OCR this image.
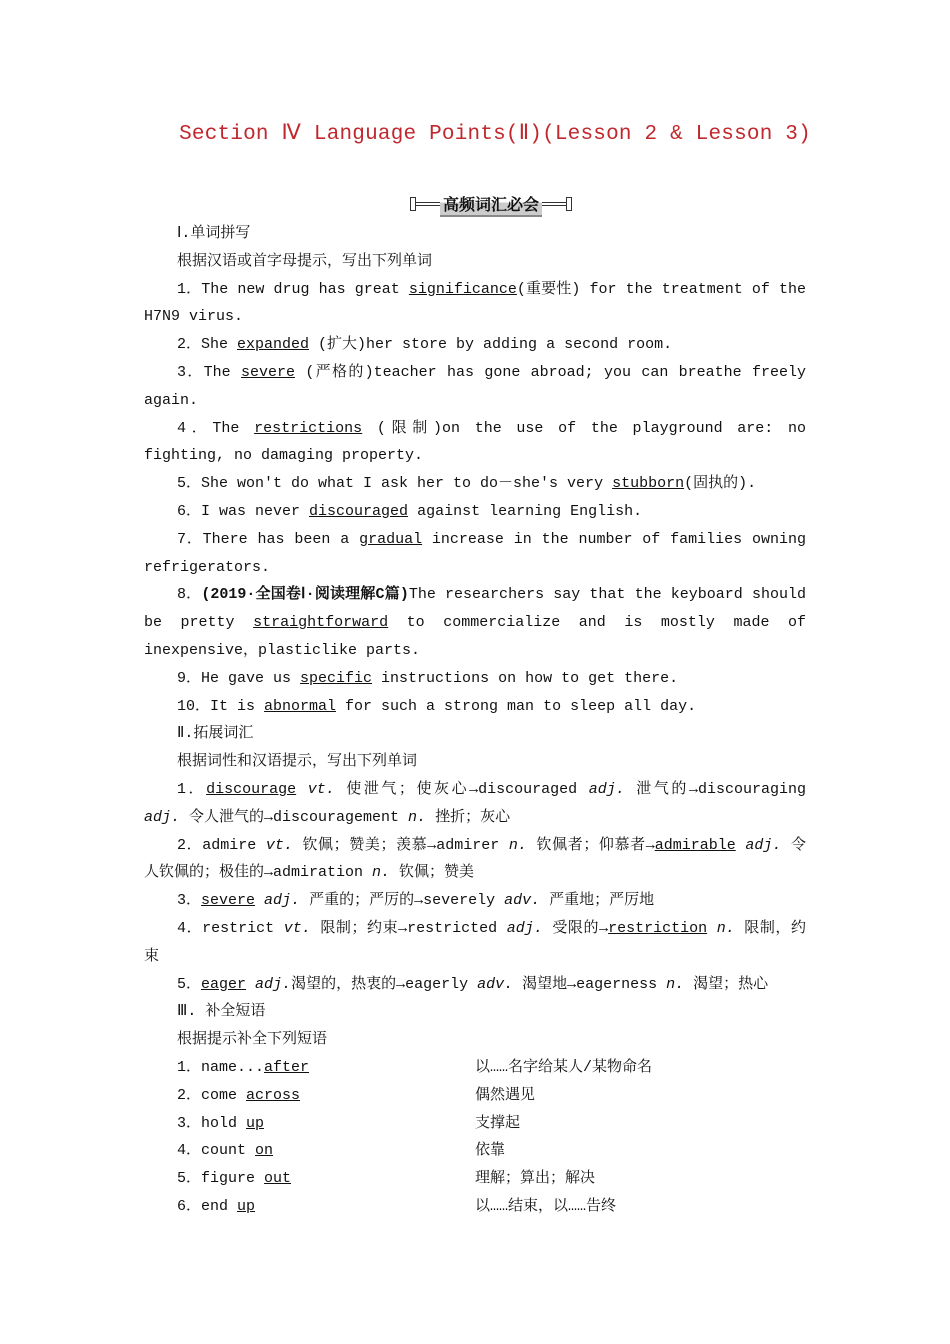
Section Ⅳ Language Points(Ⅱ)(Lesson 2 & Lesson 3)
高频词汇必会

Ⅰ.单词拼写

根据汉语或首字母提示，写出下列单词

1．The new drug has great significance(重要性) for the treatment of the H7N9 virus.

2．She expanded (扩大)her store by adding a second room.

3．The severe (严格的)teacher has gone abroad; you can breathe freely again.

4．The restrictions (限制)on the use of the playground are: no fighting, no damaging property.

5．She won't do what I ask her to do－she's very stubborn(固执的).

6．I was never discouraged against learning English.

7．There has been a gradual increase in the number of families owning refrigerators.

8．(2019·全国卷Ⅰ·阅读理解C篇)The researchers say that the keyboard should be pretty straightforward to commercialize and is mostly made of inexpensive，plasticlike parts.

9．He gave us specific instructions on how to get there.

10．It is abnormal for such a strong man to sleep all day.

Ⅱ.拓展词汇

根据词性和汉语提示，写出下列单词

1．discourage vt. 使泄气；使灰心→discouraged adj. 泄气的→discouraging adj. 令人泄气的→discouragement n. 挫折；灰心

2．admire vt. 钦佩；赞美；羡慕→admirer n. 钦佩者；仰慕者→admirable adj. 令人钦佩的；极佳的→admiration n. 钦佩；赞美

3．severe adj. 严重的；严厉的→severely adv. 严重地；严厉地

4．restrict vt. 限制；约束→restricted adj. 受限的→restriction n. 限制，约束

5．eager adj.渴望的，热衷的→eagerly adv. 渴望地→eagerness n. 渴望；热心

Ⅲ. 补全短语

根据提示补全下列短语

1．name...after	以……名字给某人/某物命名
2．come across	偶然遇见
3．hold up	支撑起
4．count on	依靠
5．figure out	理解；算出；解决
6．end up	以……结束，以……告终
